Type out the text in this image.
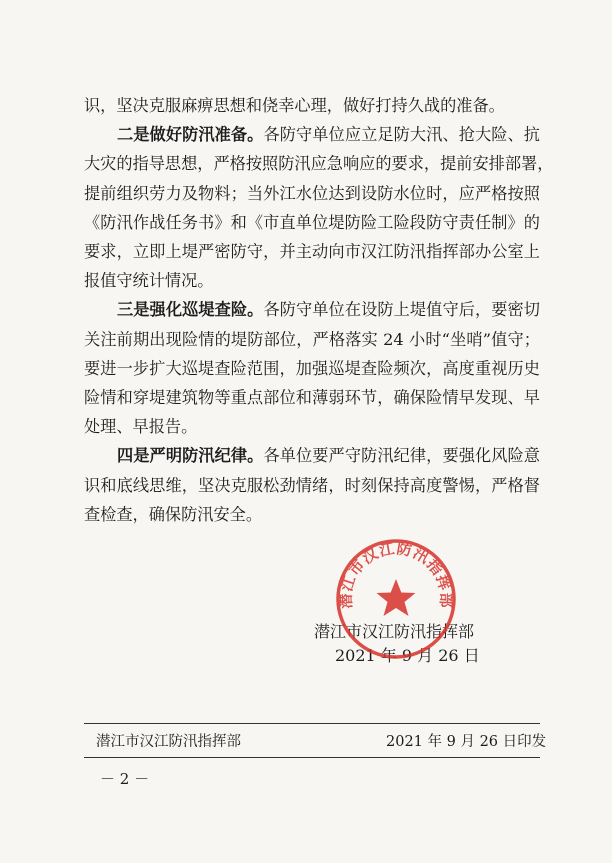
识，坚决克服麻痹思想和侥幸心理，做好打持久战的准备。
二是做好防汛准备。各防守单位应立足防大汛、抢大险、抗
大灾的指导思想，严格按照防汛应急响应的要求，提前安排部署，
提前组织劳力及物料；当外江水位达到设防水位时，应严格按照
《防汛作战任务书》和《市直单位堤防险工险段防守责任制》的
要求，立即上堤严密防守，并主动向市汉江防汛指挥部办公室上
报值守统计情况。
三是强化巡堤查险。各防守单位在设防上堤值守后，要密切
关注前期出现险情的堤防部位，严格落实 24 小时“坐哨”值守；
要进一步扩大巡堤查险范围，加强巡堤查险频次，高度重视历史
险情和穿堤建筑物等重点部位和薄弱环节，确保险情早发现、早
处理、早报告。
四是严明防汛纪律。各单位要严守防汛纪律，要强化风险意
识和底线思维，坚决克服松劲情绪，时刻保持高度警惕，严格督
查检查，确保防汛安全。
潜江市汉江防汛指挥部
2021 年 9 月 26 日
潜江市汉江防汛指挥部
潜江市汉江防汛指挥部	2021 年 9 月 26 日印发
－ 2 －
